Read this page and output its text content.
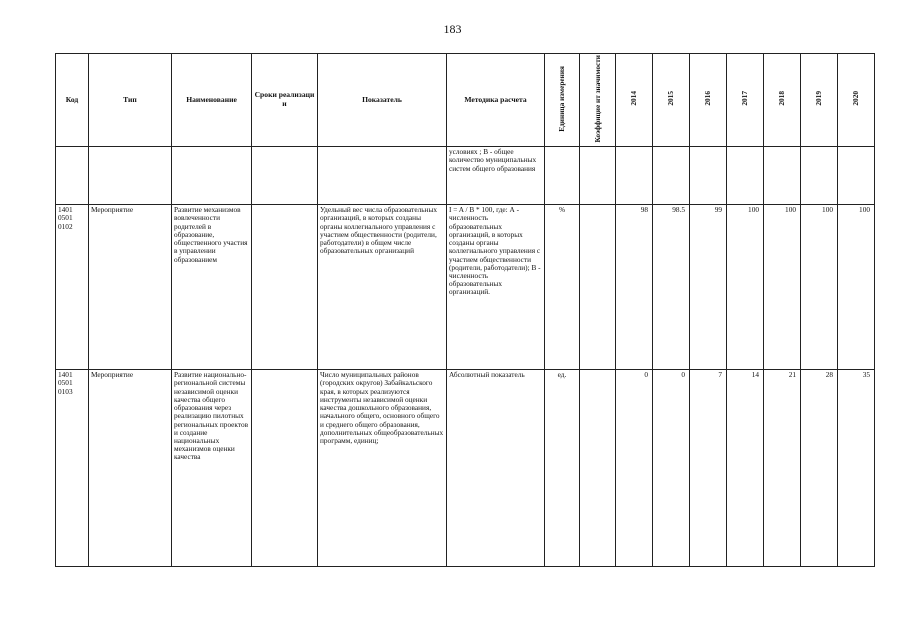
183
Код	Тип	Наименование	Сроки реализаци и	Показатель	Методика расчета	Единица измерения	Коэффицие нт значимости	2014	2015	2016	2017	2018	2019	2020
					условиях ; В - общее количество муниципальных систем общего образования									
1401 0501 0102	Мероприятие	Развитие механизмов вовлеченности родителей в образование, общественного участия в управлении образованием		Удельный вес числа образовательных организаций, в которых созданы органы коллегиального управления с участием общественности (родители, работодатели) в общем числе образовательных организаций	I = A / B * 100, где: А - численность образовательных организаций, в которых созданы органы коллегиального управления с участием общественности (родители, работодатели); В - численность образовательных организаций.	%		98	98.5	99	100	100	100	100
1401 0501 0103	Мероприятие	Развитие национально-региональной системы независимой оценки качества общего образования через реализацию пилотных региональных проектов и создание национальных механизмов оценки качества		Число муниципальных районов (городских округов) Забайкальского края, в которых реализуются инструменты независимой оценки качества дошкольного образования, начального общего, основного общего и среднего общего образования, дополнительных общеобразовательных программ, единиц;	Абсолютный показатель	ед.		0	0	7	14	21	28	35
